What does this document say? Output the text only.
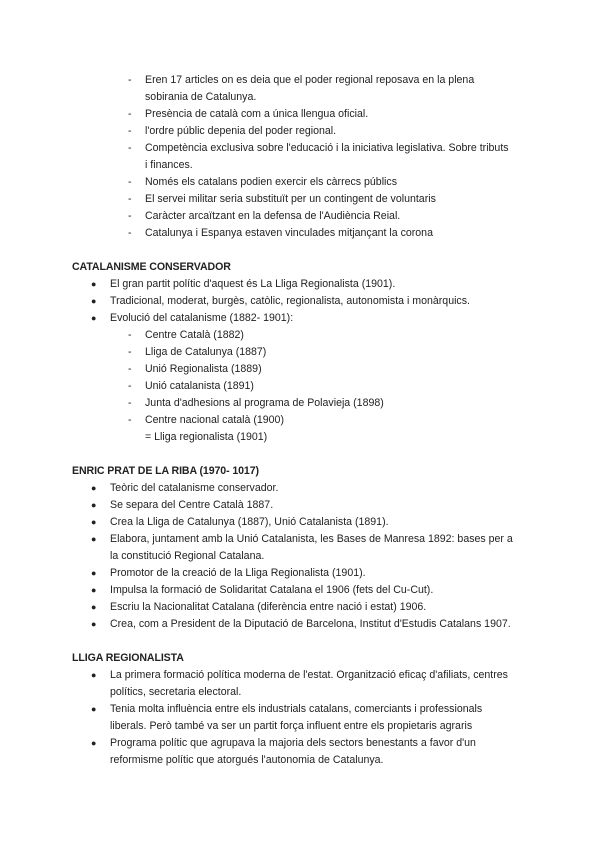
- Eren 17 articles on es deia que el poder regional reposava en la plena
sobirania de Catalunya.
- Presència de català com a única llengua oficial.
- l'ordre públic depenia del poder regional.
- Competència exclusiva sobre l'educació i la iniciativa legislativa. Sobre tributs
i finances.
- Només els catalans podien exercir els càrrecs públics
- El servei militar seria substituït per un contingent de voluntaris
- Caràcter arcaïtzant en la defensa de l'Audiència Reial.
- Catalunya i Espanya estaven vinculades mitjançant la corona
CATALANISME CONSERVADOR
● El gran partit polític d'aquest és La Lliga Regionalista (1901).
● Tradicional, moderat, burgès, catòlic, regionalista, autonomista i monàrquics.
● Evolució del catalanisme (1882- 1901):
- Centre Català (1882)
- Lliga de Catalunya (1887)
- Unió Regionalista (1889)
- Unió catalanista (1891)
- Junta d'adhesions al programa de Polavieja (1898)
- Centre nacional català (1900)
= Lliga regionalista (1901)
ENRIC PRAT DE LA RIBA (1970- 1017)
● Teòric del catalanisme conservador.
● Se separa del Centre Català 1887.
● Crea la Lliga de Catalunya (1887), Unió Catalanista (1891).
● Elabora, juntament amb la Unió Catalanista, les Bases de Manresa 1892: bases per a
la constitució Regional Catalana.
● Promotor de la creació de la Lliga Regionalista (1901).
● Impulsa la formació de Solidaritat Catalana el 1906 (fets del Cu-Cut).
● Escriu la Nacionalitat Catalana (diferència entre nació i estat) 1906.
● Crea, com a President de la Diputació de Barcelona, Institut d'Estudis Catalans 1907.
LLIGA REGIONALISTA
● La primera formació política moderna de l'estat. Organització eficaç d'afiliats, centres
polítics, secretaria electoral.
● Tenia molta influència entre els industrials catalans, comerciants i professionals
liberals. Però també va ser un partit força influent entre els propietaris agraris
● Programa polític que agrupava la majoria dels sectors benestants a favor d'un
reformisme polític que atorgués l'autonomia de Catalunya.
